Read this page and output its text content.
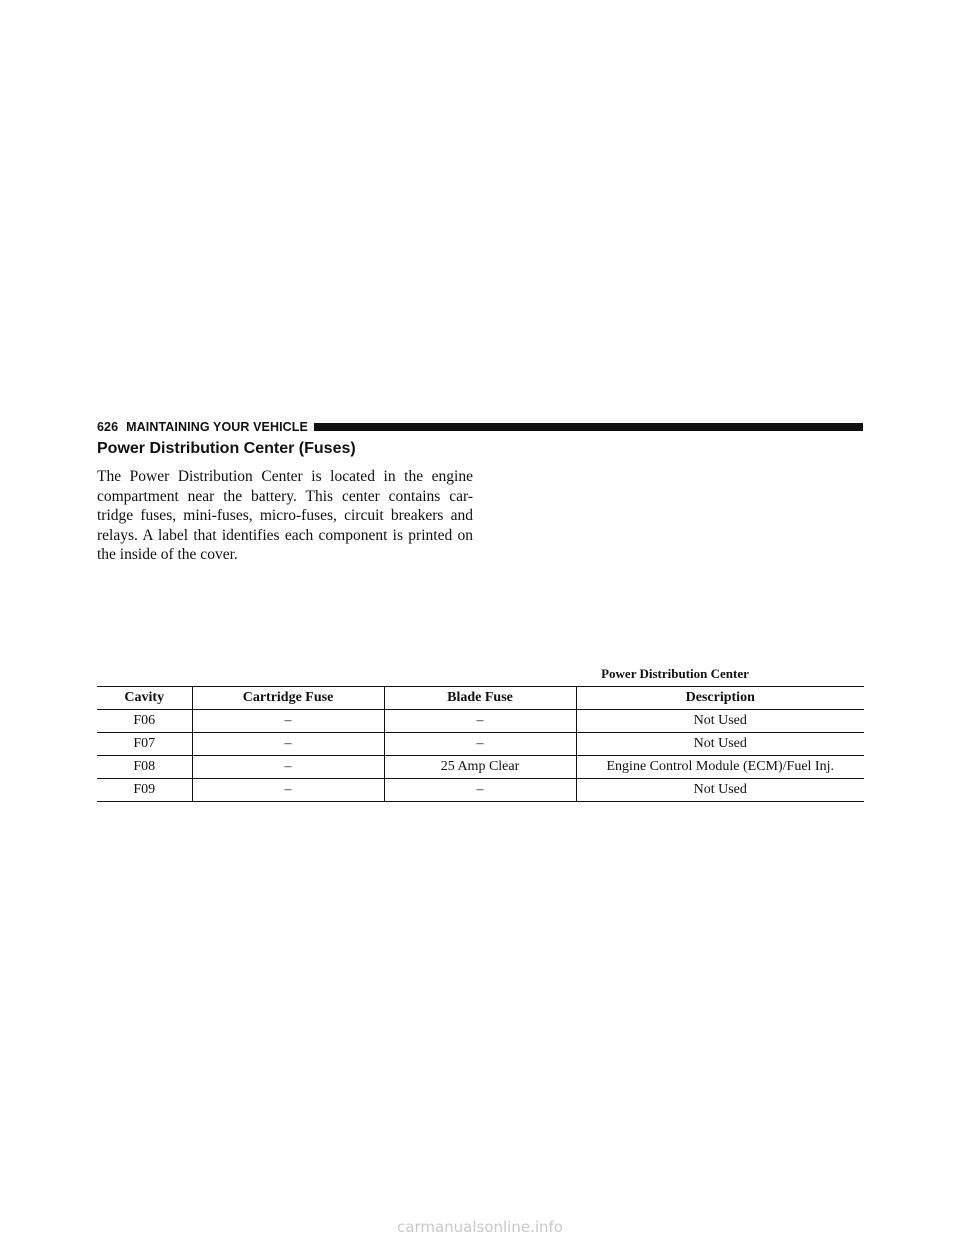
626 MAINTAINING YOUR VEHICLE
Power Distribution Center (Fuses)

The Power Distribution Center is located in the engine compartment near the battery. This center contains car-tridge fuses, mini-fuses, micro-fuses, circuit breakers and relays. A label that identifies each component is printed on the inside of the cover.

Power Distribution Center
Cavity	Cartridge Fuse	Blade Fuse	Description
F06	–	–	Not Used
F07	–	–	Not Used
F08	–	25 Amp Clear	Engine Control Module (ECM)/Fuel Inj.
F09	–	–	Not Used
carmanualsonline.info
